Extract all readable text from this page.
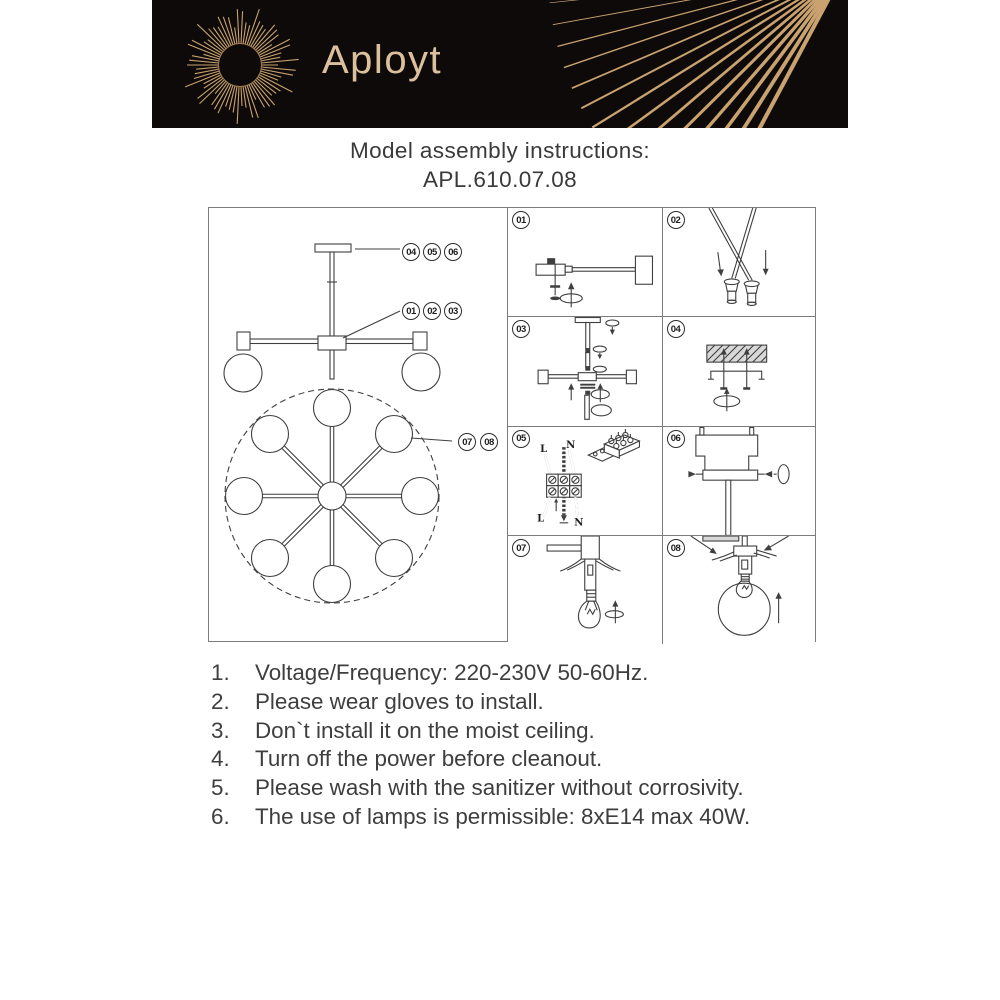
Aployt
Model assembly instructions:
APL.610.07.08
04	05	06
01	02	03
07	08
01	02
03	04
05
L N
L	N
06
07	08
1.	Voltage/Frequency: 220-230V 50-60Hz.
2.	Please wear gloves to install.
3.	Don`t install it on the moist ceiling.
4.	Turn off the power before cleanout.
5.	Please wash with the sanitizer without corrosivity.
6.	The use of lamps is permissible: 8xE14 max 40W.
